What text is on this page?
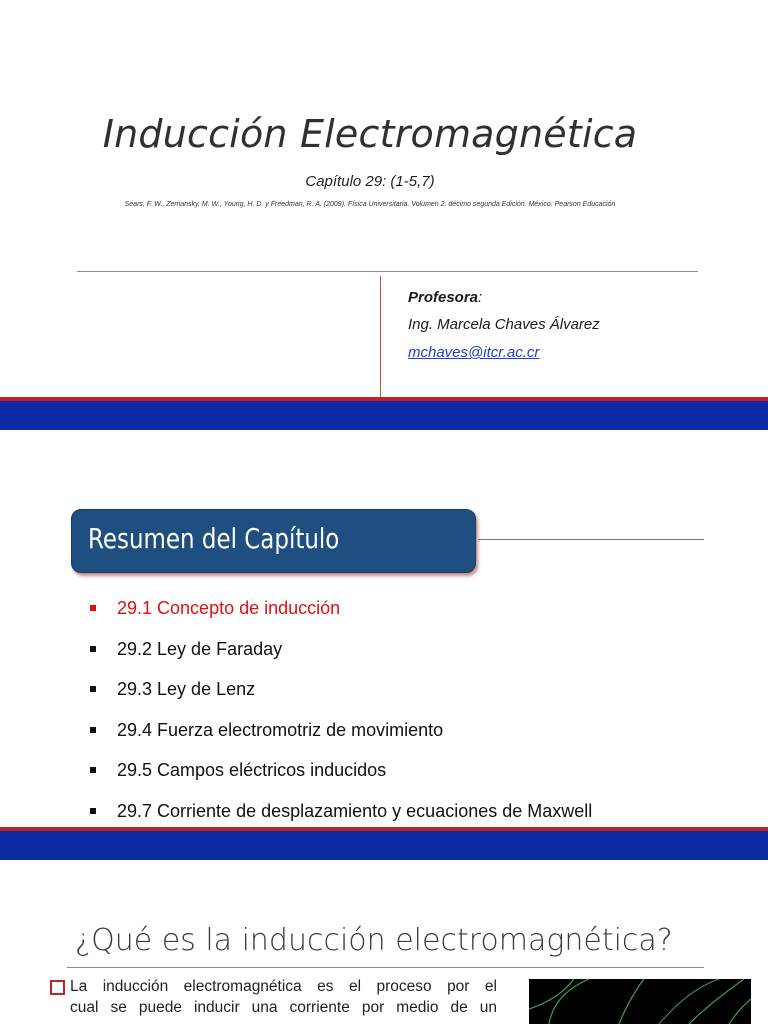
Inducción Electromagnética
Capítulo 29: (1-5,7)
Sears, F. W., Zemansky, M. W., Young, H. D. y Freedman, R. A. (2009). Física Universitaria. Volumen 2. décimo segunda Edición. México: Pearson Educación
Profesora:
Ing. Marcela Chaves Álvarez
mchaves@itcr.ac.cr
Resumen del Capítulo
29.1 Concepto de inducción
29.2 Ley de Faraday
29.3 Ley de Lenz
29.4 Fuerza electromotriz de movimiento
29.5 Campos eléctricos inducidos
29.7 Corriente de desplazamiento y ecuaciones de Maxwell
¿Qué es la inducción electromagnética?
La inducción electromagnética es el proceso por el
cual se puede inducir una corriente por medio de un
